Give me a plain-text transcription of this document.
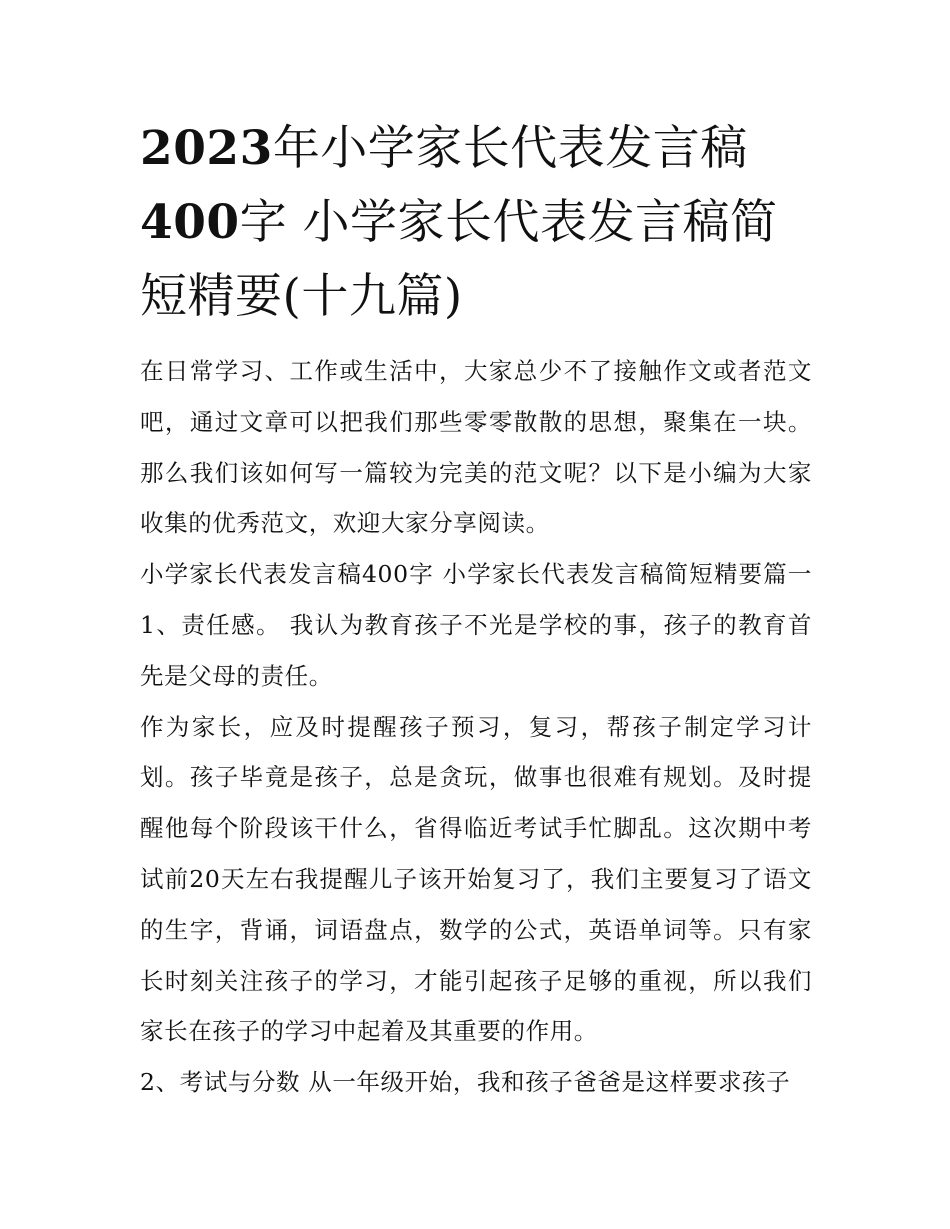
2023年小学家长代表发言稿
400字 小学家长代表发言稿简
短精要(十九篇)

在日常学习、工作或生活中，大家总少不了接触作文或者范文吧，通过文章可以把我们那些零零散散的思想，聚集在一块。那么我们该如何写一篇较为完美的范文呢？以下是小编为大家收集的优秀范文，欢迎大家分享阅读。

小学家长代表发言稿400字 小学家长代表发言稿简短精要篇一1、责任感。 我认为教育孩子不光是学校的事，孩子的教育首先是父母的责任。

作为家长，应及时提醒孩子预习，复习，帮孩子制定学习计划。孩子毕竟是孩子，总是贪玩，做事也很难有规划。及时提醒他每个阶段该干什么，省得临近考试手忙脚乱。这次期中考试前20天左右我提醒儿子该开始复习了，我们主要复习了语文的生字，背诵，词语盘点，数学的公式，英语单词等。只有家长时刻关注孩子的学习，才能引起孩子足够的重视，所以我们家长在孩子的学习中起着及其重要的作用。

2、考试与分数 从一年级开始，我和孩子爸爸是这样要求孩子
